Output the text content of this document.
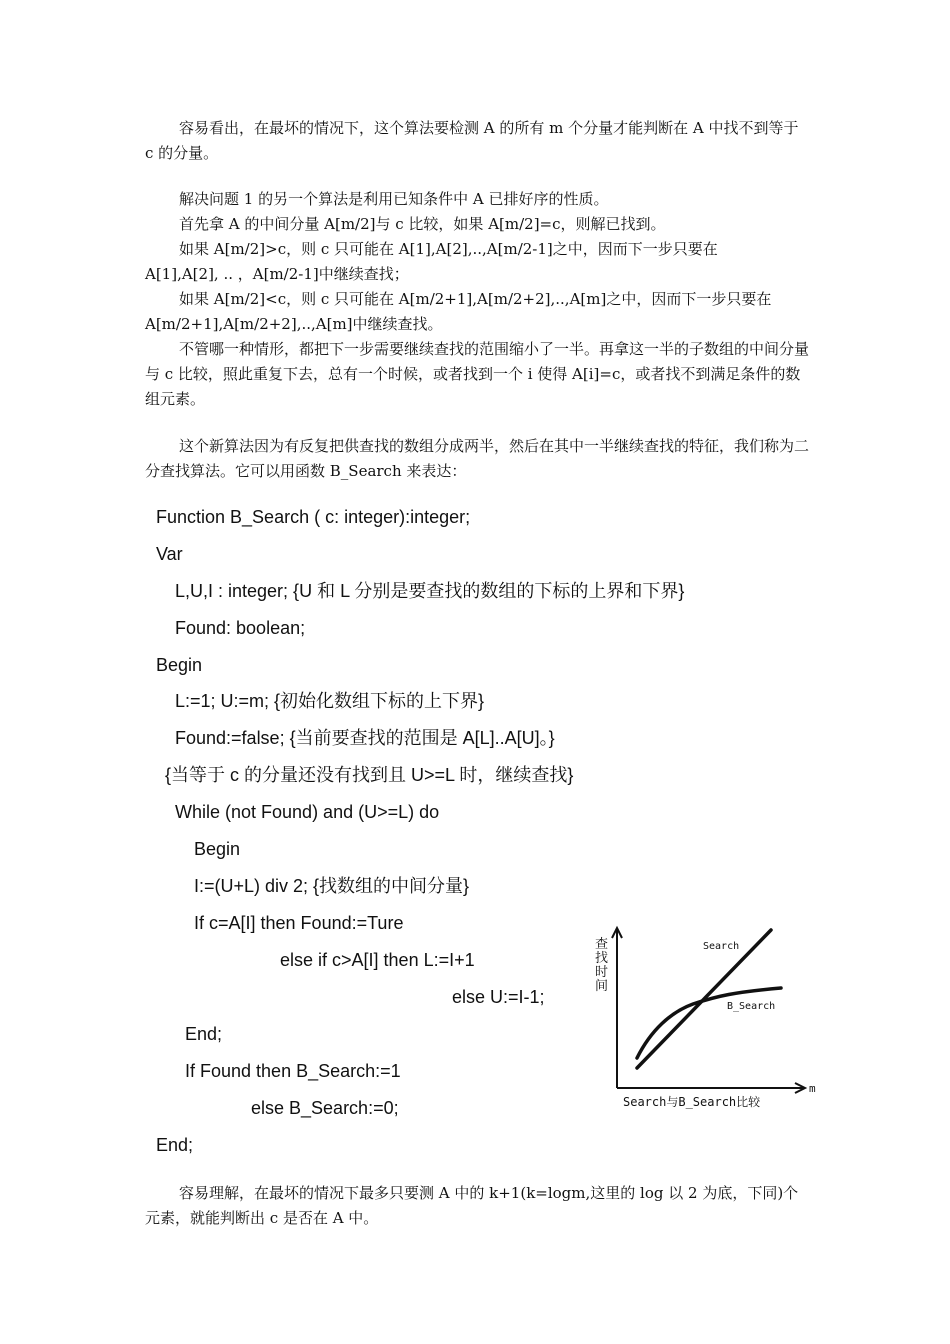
容易看出，在最坏的情况下，这个算法要检测 A 的所有 m 个分量才能判断在 A 中找不到等于 c 的分量。

解决问题 1 的另一个算法是利用已知条件中 A 已排好序的性质。
首先拿 A 的中间分量 A[m/2]与 c 比较，如果 A[m/2]=c，则解已找到。
如果 A[m/2]>c，则 c 只可能在 A[1],A[2],..,A[m/2-1]之中，因而下一步只要在
A[1],A[2], .. ，A[m/2-1]中继续查找；
如果 A[m/2]<c，则 c 只可能在 A[m/2+1],A[m/2+2],..,A[m]之中，因而下一步只要在
A[m/2+1],A[m/2+2],..,A[m]中继续查找。

不管哪一种情形，都把下一步需要继续查找的范围缩小了一半。再拿这一半的子数组的中间分量与 c 比较，照此重复下去，总有一个时候，或者找到一个 i 使得 A[i]=c，或者找不到满足条件的数组元素。

这个新算法因为有反复把供查找的数组分成两半，然后在其中一半继续查找的特征，我们称为二分查找算法。它可以用函数 B_Search 来表达：

Function B_Search ( c: integer):integer;
Var
L,U,I : integer; {U 和 L 分别是要查找的数组的下标的上界和下界}
Found: boolean;
Begin
L:=1; U:=m; {初始化数组下标的上下界}
Found:=false; {当前要查找的范围是 A[L]..A[U]。}
{当等于 c 的分量还没有找到且 U>=L 时，继续查找}
While (not Found) and (U>=L) do
Begin
I:=(U+L) div 2; {找数组的中间分量}
If c=A[I] then Found:=Ture
else if c>A[I] then L:=I+1
else U:=I-1;
End;
If Found then B_Search:=1
else B_Search:=0;
End;
查 找 时 间
m
Search
B_Search
Search与B_Search比较

容易理解，在最坏的情况下最多只要测 A 中的 k+1(k=logm,这里的 log 以 2 为底，下同)个元素，就能判断出 c 是否在 A 中。
